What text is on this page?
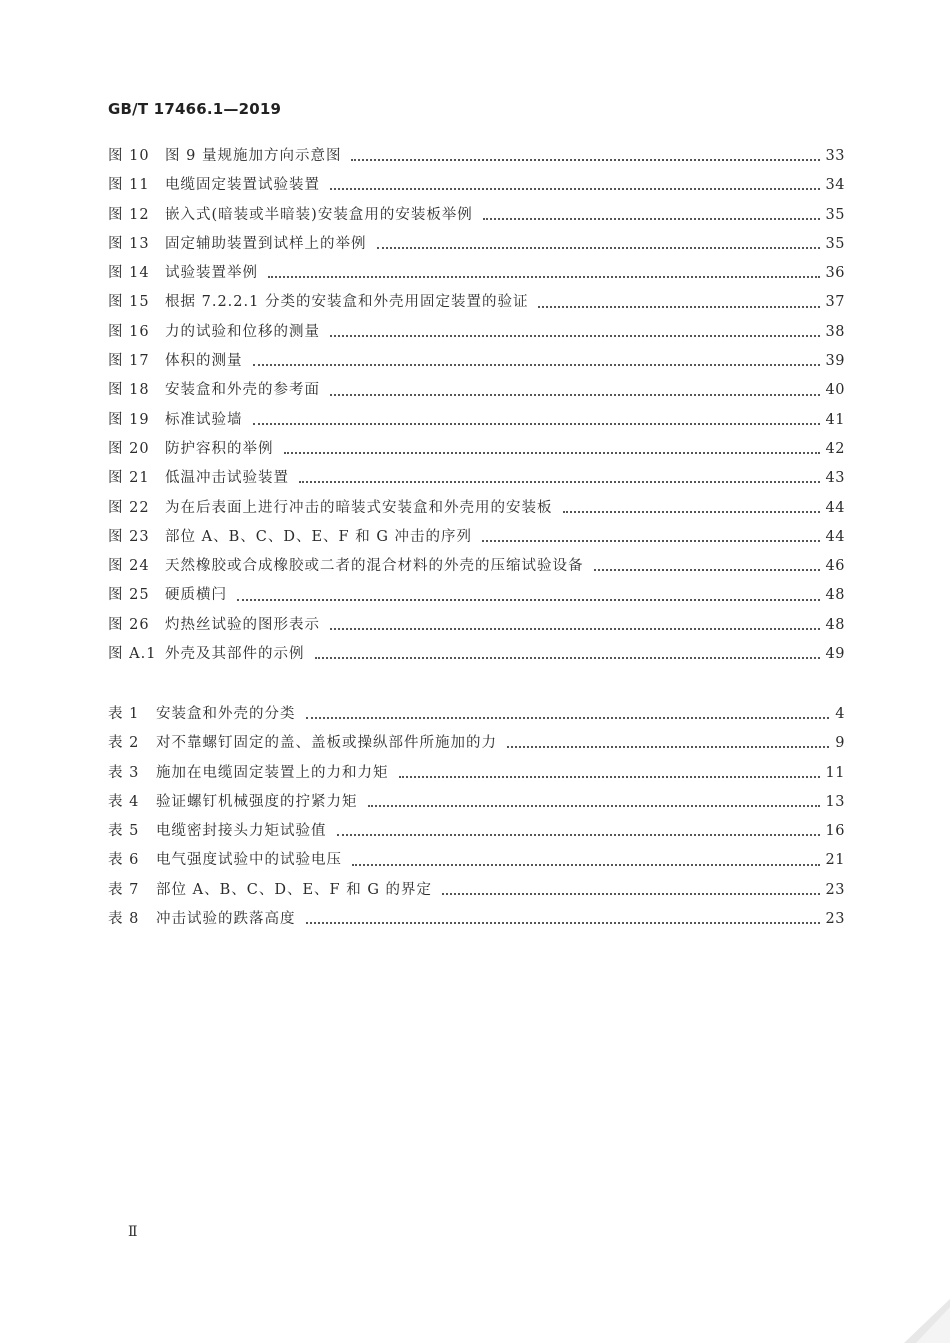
GB/T 17466.1—2019
图 10	图 9 量规施加方向示意图	33
图 11	电缆固定装置试验装置	34
图 12	嵌入式(暗装或半暗装)安装盒用的安装板举例	35
图 13	固定辅助装置到试样上的举例	35
图 14	试验装置举例	36
图 15	根据 7.2.2.1 分类的安装盒和外壳用固定装置的验证	37
图 16	力的试验和位移的测量	38
图 17	体积的测量	39
图 18	安装盒和外壳的参考面	40
图 19	标准试验墙	41
图 20	防护容积的举例	42
图 21	低温冲击试验装置	43
图 22	为在后表面上进行冲击的暗装式安装盒和外壳用的安装板	44
图 23	部位 A、B、C、D、E、F 和 G 冲击的序列	44
图 24	天然橡胶或合成橡胶或二者的混合材料的外壳的压缩试验设备	46
图 25	硬质横闩	48
图 26	灼热丝试验的图形表示	48
图 A.1 外壳及其部件的示例	49
表 1	安装盒和外壳的分类	4
表 2	对不靠螺钉固定的盖、盖板或操纵部件所施加的力	9
表 3	施加在电缆固定装置上的力和力矩	11
表 4	验证螺钉机械强度的拧紧力矩	13
表 5	电缆密封接头力矩试验值	16
表 6	电气强度试验中的试验电压	21
表 7	部位 A、B、C、D、E、F 和 G 的界定	23
表 8	冲击试验的跌落高度	23
Ⅱ
